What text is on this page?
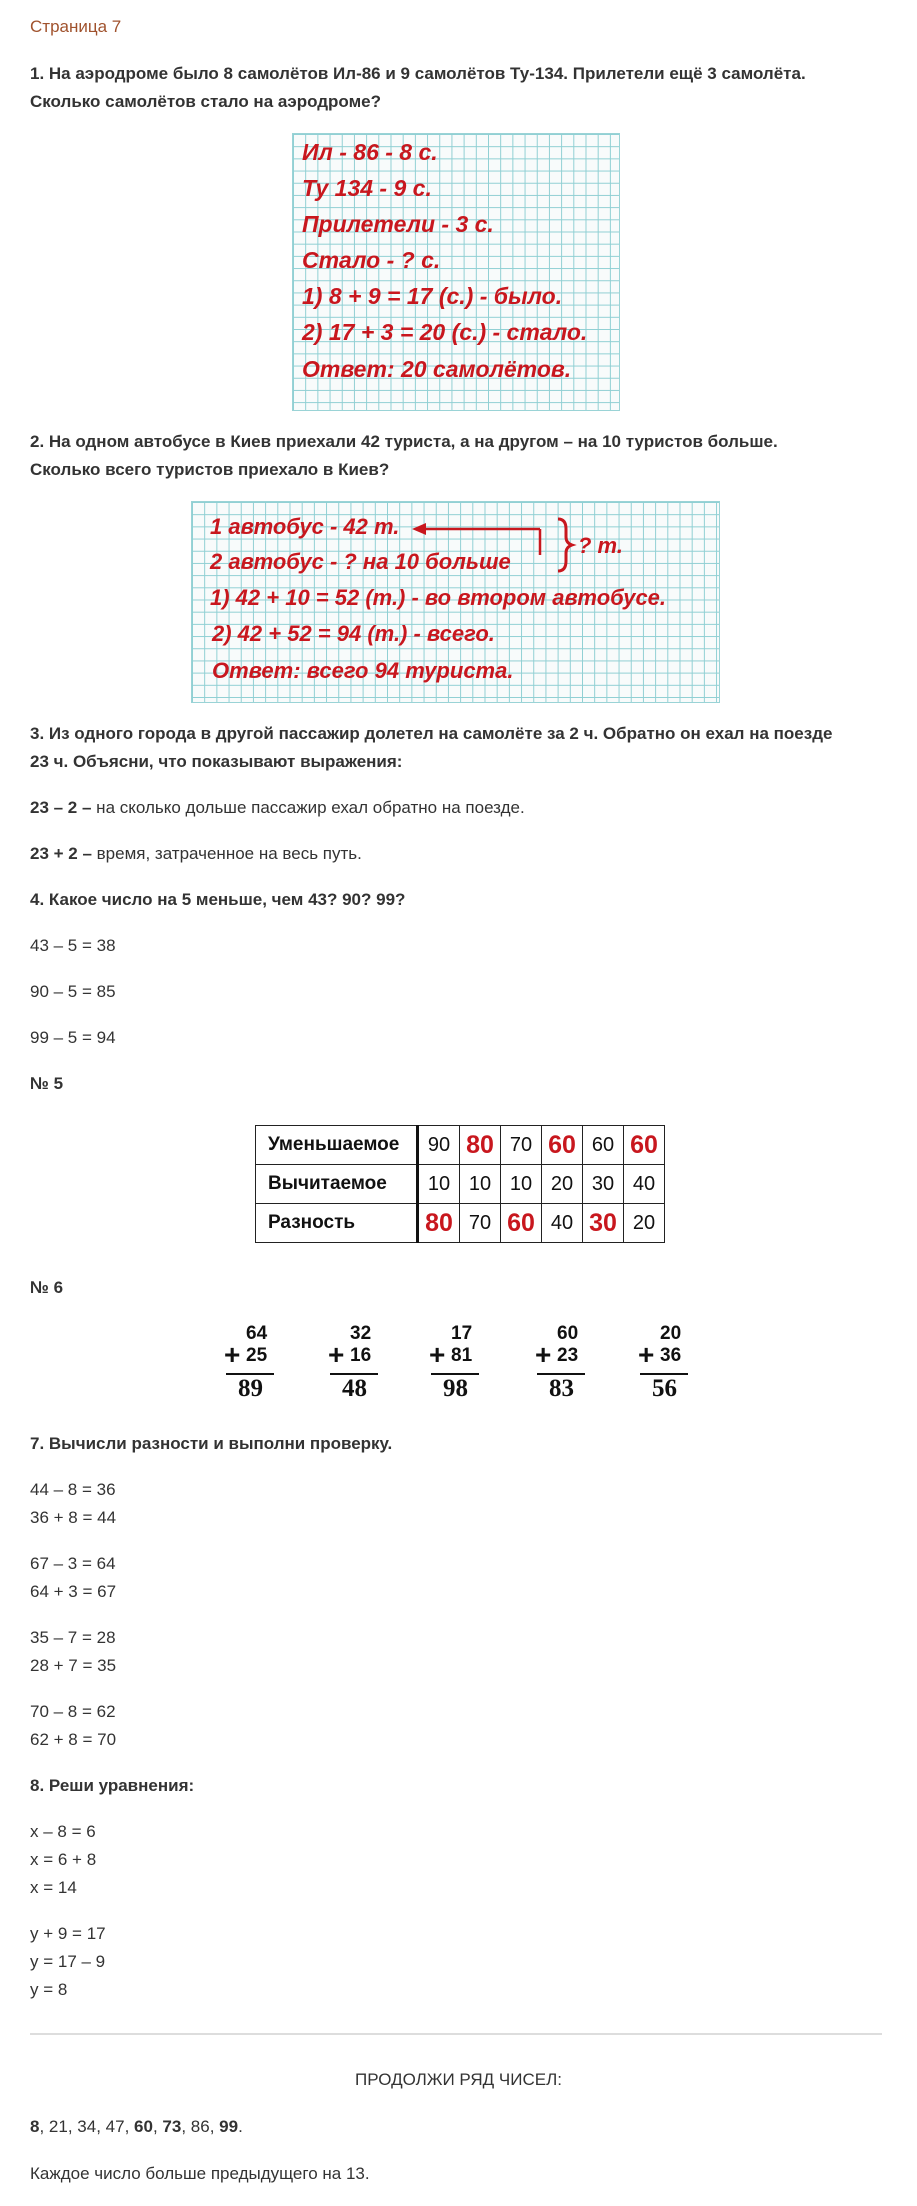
Страница 7
1. На аэродроме было 8 самолётов Ил-86 и 9 самолётов Ту-134. Прилетели ещё 3 самолёта.
Сколько самолётов стало на аэродроме?
Ил - 86 - 8 с.
Ту 134 - 9 с.
Прилетели - 3 с.
Стало - ? с.
1) 8 + 9 = 17 (с.) - было.
2) 17 + 3 = 20 (с.) - стало.
Ответ: 20 самолётов.
2. На одном автобусе в Киев приехали 42 туриста, а на другом – на 10 туристов больше.
Сколько всего туристов приехало в Киев?
1 автобус - 42 т.
2 автобус - ? на 10 больше
1) 42 + 10 = 52 (т.) - во втором автобусе.
2) 42 + 52 = 94 (т.) - всего.
Ответ: всего 94 туриста.
? т.
3. Из одного города в другой пассажир долетел на самолёте за 2 ч. Обратно он ехал на поезде
23 ч. Объясни, что показывают выражения:
23 – 2 – на сколько дольше пассажир ехал обратно на поезде.
23 + 2 – время, затраченное на весь путь.
4. Какое число на 5 меньше, чем 43? 90? 99?
43 – 5 = 38
90 – 5 = 85
99 – 5 = 94
№ 5
Уменьшаемое	90	80	70	60	60	60
Вычитаемое	10	10	10	20	30	40
Разность	80	70	60	40	30	20
№ 6
+
64
25
89
+
32
16
48
+
17
81
98
+
60
23
83
+
20
36
56
7. Вычисли разности и выполни проверку.
44 – 8 = 36
36 + 8 = 44
67 – 3 = 64
64 + 3 = 67
35 – 7 = 28
28 + 7 = 35
70 – 8 = 62
62 + 8 = 70
8. Реши уравнения:
x – 8 = 6
x = 6 + 8
x = 14
y + 9 = 17
y = 17 – 9
y = 8
ПРОДОЛЖИ РЯД ЧИСЕЛ:
8, 21, 34, 47, 60, 73, 86, 99.
Каждое число больше предыдущего на 13.
